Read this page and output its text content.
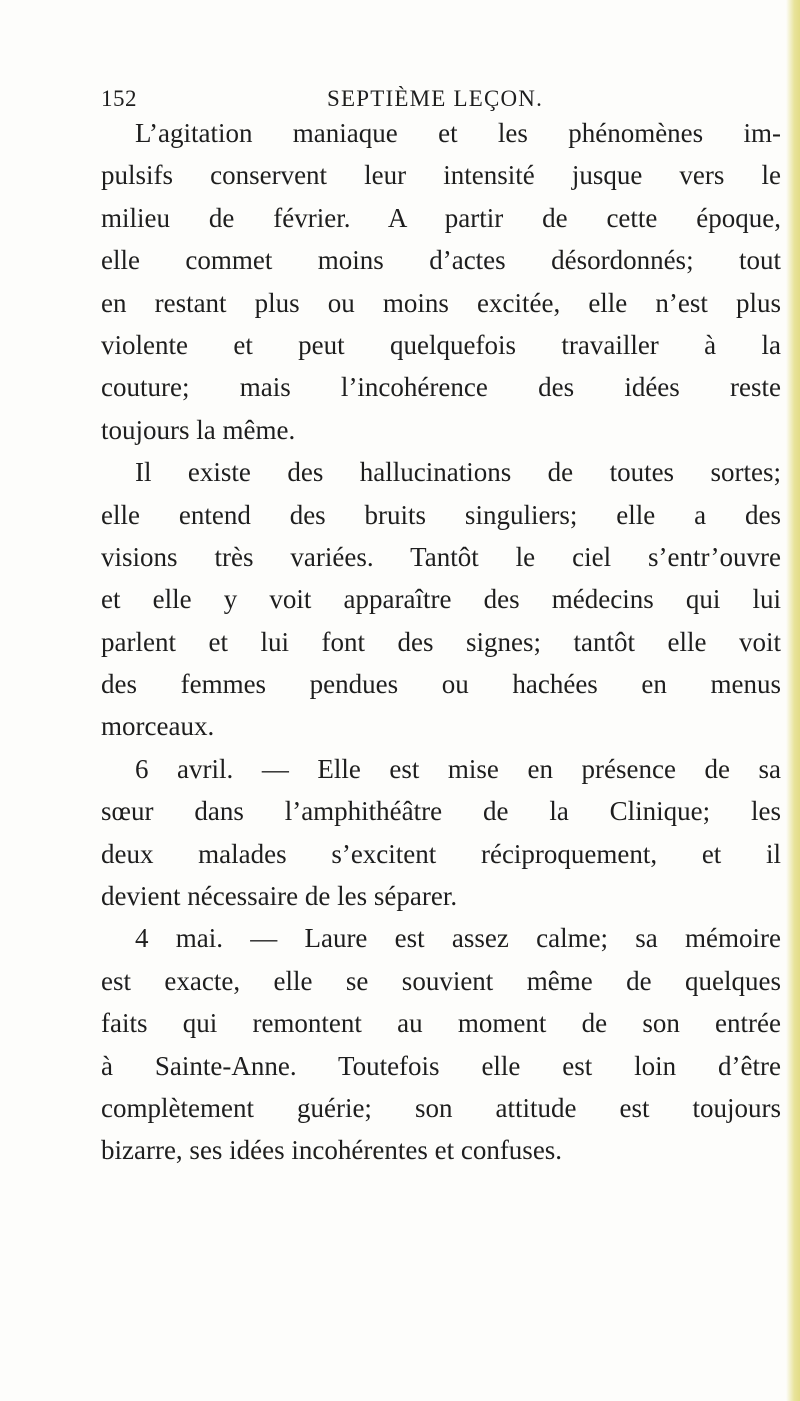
152	SEPTIÈME LEÇON.
L’agitation maniaque et les phénomènes im-
pulsifs conservent leur intensité jusque vers le
milieu de février. A partir de cette époque,
elle commet moins d’actes désordonnés; tout
en restant plus ou moins excitée, elle n’est plus
violente et peut quelquefois travailler à la
couture; mais l’incohérence des idées reste
toujours la même.
Il existe des hallucinations de toutes sortes;
elle entend des bruits singuliers; elle a des
visions très variées. Tantôt le ciel s’entr’ouvre
et elle y voit apparaître des médecins qui lui
parlent et lui font des signes; tantôt elle voit
des femmes pendues ou hachées en menus
morceaux.
6 avril. — Elle est mise en présence de sa
sœur dans l’amphithéâtre de la Clinique; les
deux malades s’excitent réciproquement, et il
devient nécessaire de les séparer.
4 mai. — Laure est assez calme; sa mémoire
est exacte, elle se souvient même de quelques
faits qui remontent au moment de son entrée
à Sainte-Anne. Toutefois elle est loin d’être
complètement guérie; son attitude est toujours
bizarre, ses idées incohérentes et confuses.
